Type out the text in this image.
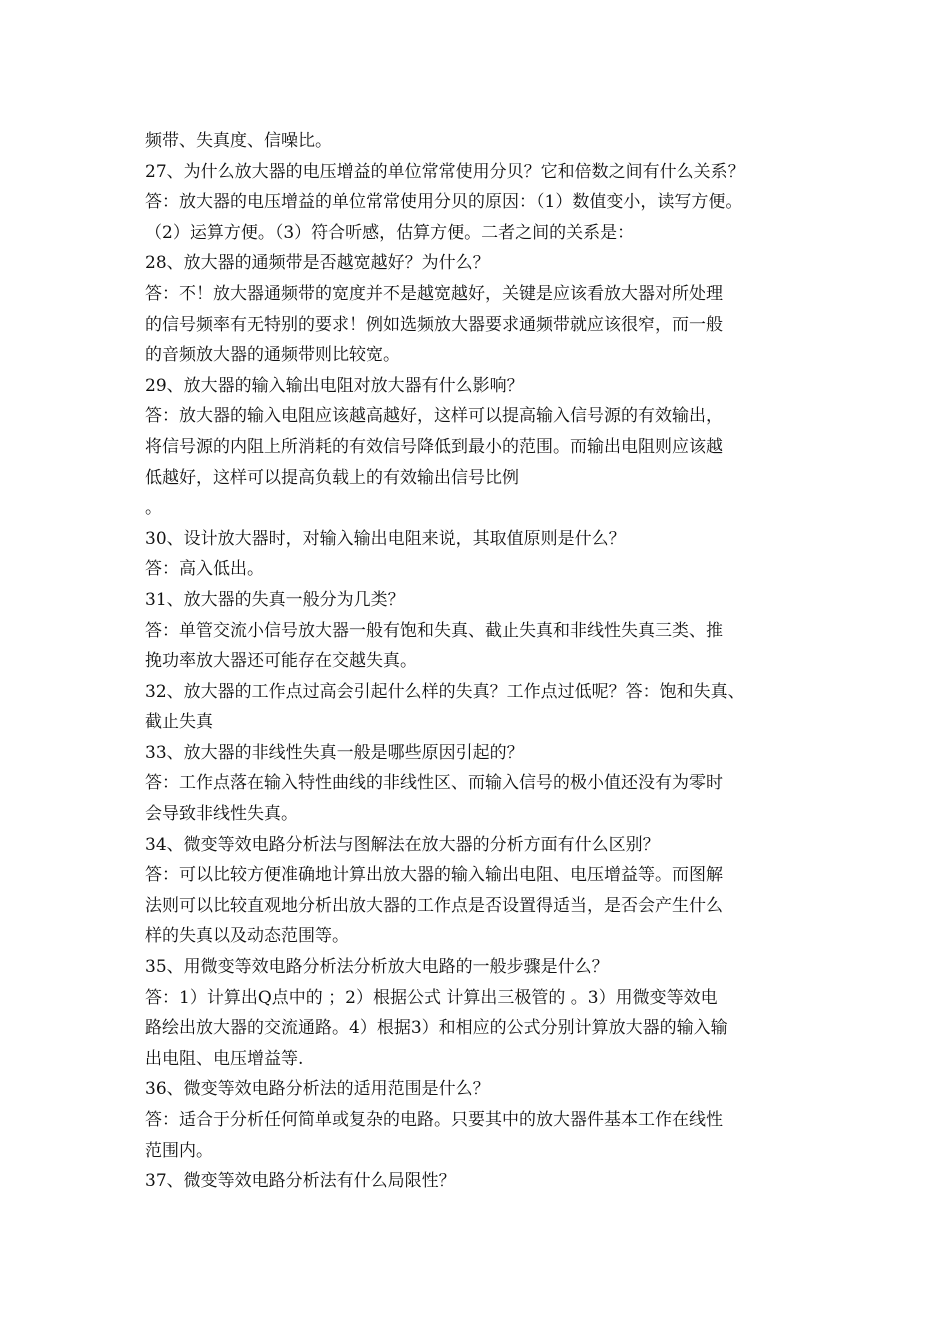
频带、失真度、信噪比。
27、为什么放大器的电压增益的单位常常使用分贝？它和倍数之间有什么关系？
答：放大器的电压增益的单位常常使用分贝的原因：（1）数值变小，读写方便。
（2）运算方便。（3）符合听感，估算方便。二者之间的关系是：
28、放大器的通频带是否越宽越好？为什么？
答：不！放大器通频带的宽度并不是越宽越好，关键是应该看放大器对所处理
的信号频率有无特别的要求！例如选频放大器要求通频带就应该很窄，而一般
的音频放大器的通频带则比较宽。
29、放大器的输入输出电阻对放大器有什么影响？
答：放大器的输入电阻应该越高越好，这样可以提高输入信号源的有效输出，
将信号源的内阻上所消耗的有效信号降低到最小的范围。而输出电阻则应该越
低越好，这样可以提高负载上的有效输出信号比例
。
30、设计放大器时，对输入输出电阻来说，其取值原则是什么？
答：高入低出。
31、放大器的失真一般分为几类？
答：单管交流小信号放大器一般有饱和失真、截止失真和非线性失真三类、推
挽功率放大器还可能存在交越失真。
32、放大器的工作点过高会引起什么样的失真？工作点过低呢？答：饱和失真、
截止失真
33、放大器的非线性失真一般是哪些原因引起的？
答：工作点落在输入特性曲线的非线性区、而输入信号的极小值还没有为零时
会导致非线性失真。
34、微变等效电路分析法与图解法在放大器的分析方面有什么区别？
答：可以比较方便准确地计算出放大器的输入输出电阻、电压增益等。而图解
法则可以比较直观地分析出放大器的工作点是否设置得适当，是否会产生什么
样的失真以及动态范围等。
35、用微变等效电路分析法分析放大电路的一般步骤是什么？
答：1）计算出Q点中的 ；2）根据公式 计算出三极管的 。3）用微变等效电
路绘出放大器的交流通路。4）根据3）和相应的公式分别计算放大器的输入输
出电阻、电压增益等.
36、微变等效电路分析法的适用范围是什么？
答：适合于分析任何简单或复杂的电路。只要其中的放大器件基本工作在线性
范围内。
37、微变等效电路分析法有什么局限性？
